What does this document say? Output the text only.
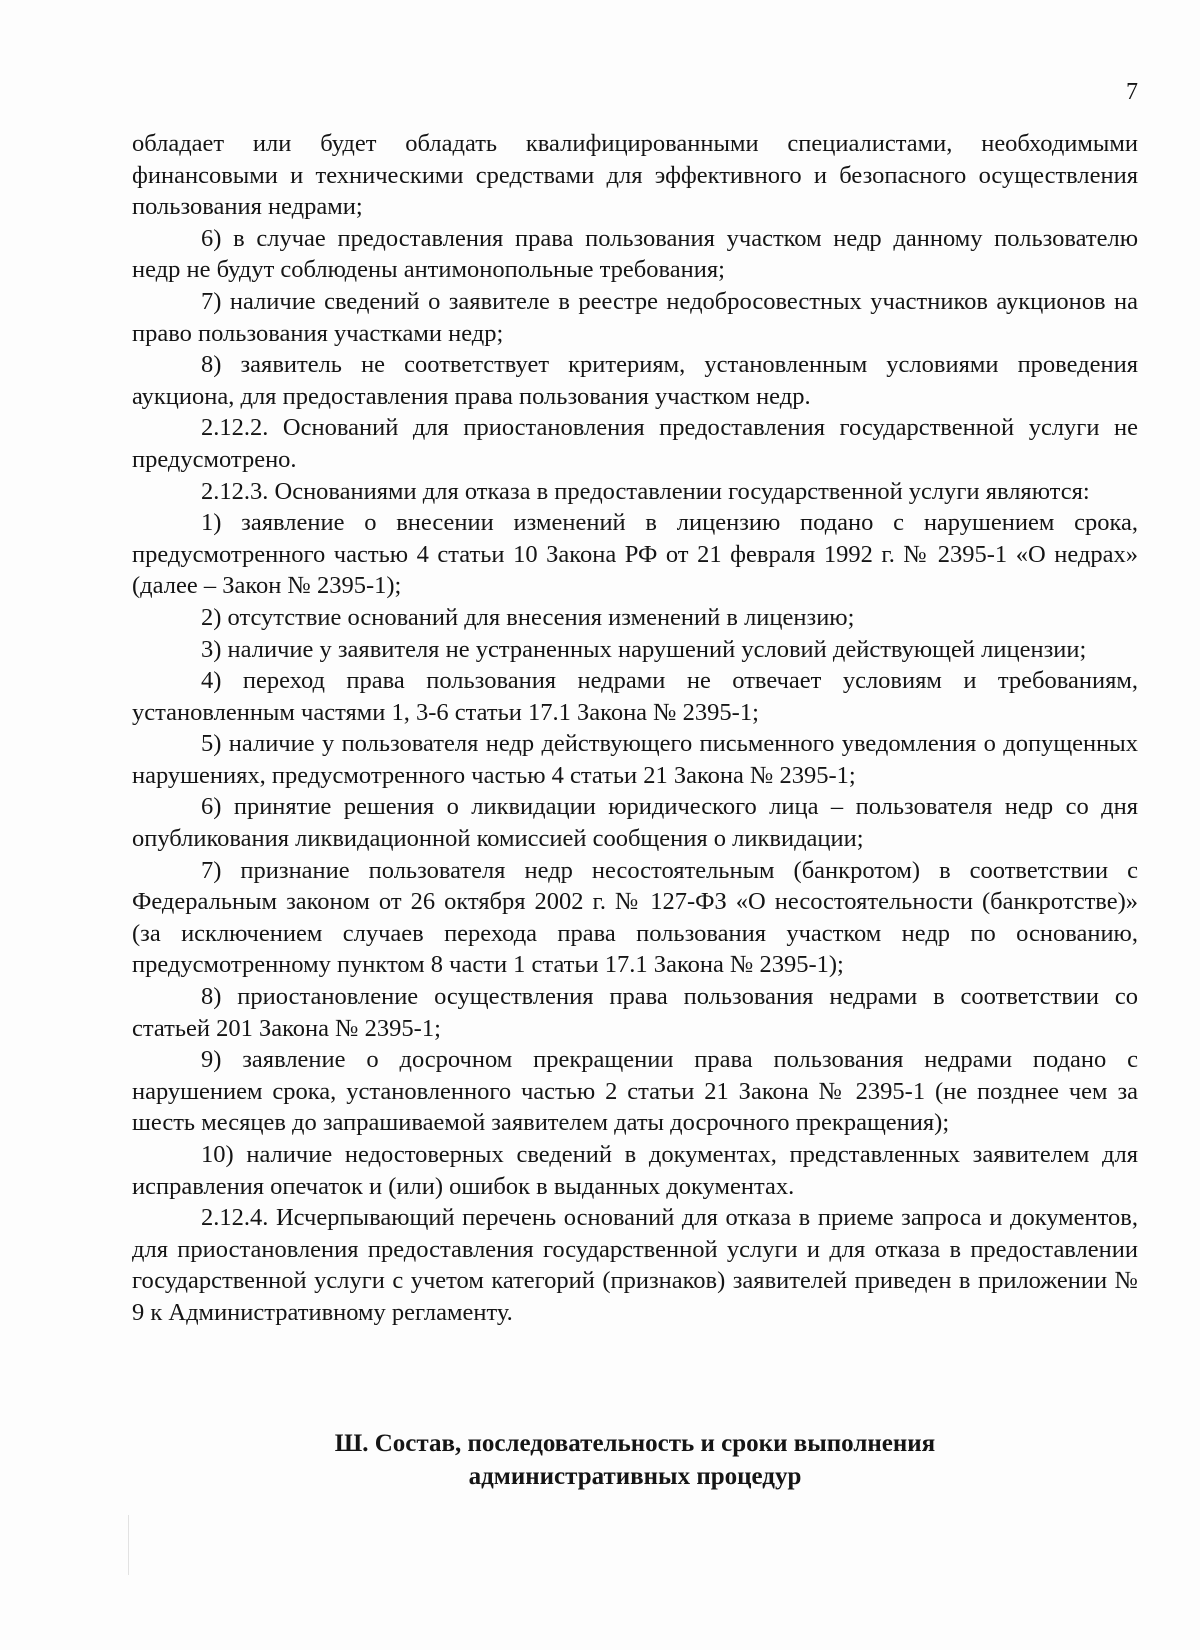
7

обладает или будет обладать квалифицированными специалистами, необходимыми финансовыми и техническими средствами для эффективного и безопасного осуществления пользования недрами;

6) в случае предоставления права пользования участком недр данному пользователю недр не будут соблюдены антимонопольные требования;

7) наличие сведений о заявителе в реестре недобросовестных участников аукционов на право пользования участками недр;

8) заявитель не соответствует критериям, установленным условиями проведения аукциона, для предоставления права пользования участком недр.

2.12.2. Оснований для приостановления предоставления государственной услуги не предусмотрено.

2.12.3. Основаниями для отказа в предоставлении государственной услуги являются:

1) заявление о внесении изменений в лицензию подано с нарушением срока, предусмотренного частью 4 статьи 10 Закона РФ от 21 февраля 1992 г. № 2395-1 «О недрах» (далее – Закон № 2395-1);

2) отсутствие оснований для внесения изменений в лицензию;

3) наличие у заявителя не устраненных нарушений условий действующей лицензии;

4) переход права пользования недрами не отвечает условиям и требованиям, установленным частями 1, 3-6 статьи 17.1 Закона № 2395-1;

5) наличие у пользователя недр действующего письменного уведомления о допущенных нарушениях, предусмотренного частью 4 статьи 21 Закона № 2395-1;

6) принятие решения о ликвидации юридического лица – пользователя недр со дня опубликования ликвидационной комиссией сообщения о ликвидации;

7) признание пользователя недр несостоятельным (банкротом) в соответствии с Федеральным законом от 26 октября 2002 г. № 127-ФЗ «О несостоятельности (банкротстве)» (за исключением случаев перехода права пользования участком недр по основанию, предусмотренному пунктом 8 части 1 статьи 17.1 Закона № 2395-1);

8) приостановление осуществления права пользования недрами в соответствии со статьей 201 Закона № 2395-1;

9) заявление о досрочном прекращении права пользования недрами подано с нарушением срока, установленного частью 2 статьи 21 Закона № 2395-1 (не позднее чем за шесть месяцев до запрашиваемой заявителем даты досрочного прекращения);

10) наличие недостоверных сведений в документах, представленных заявителем для исправления опечаток и (или) ошибок в выданных документах.

2.12.4. Исчерпывающий перечень оснований для отказа в приеме запроса и документов, для приостановления предоставления государственной услуги и для отказа в предоставлении государственной услуги с учетом категорий (признаков) заявителей приведен в приложении № 9 к Административному регламенту.

Ш. Состав, последовательность и сроки выполнения
административных процедур
